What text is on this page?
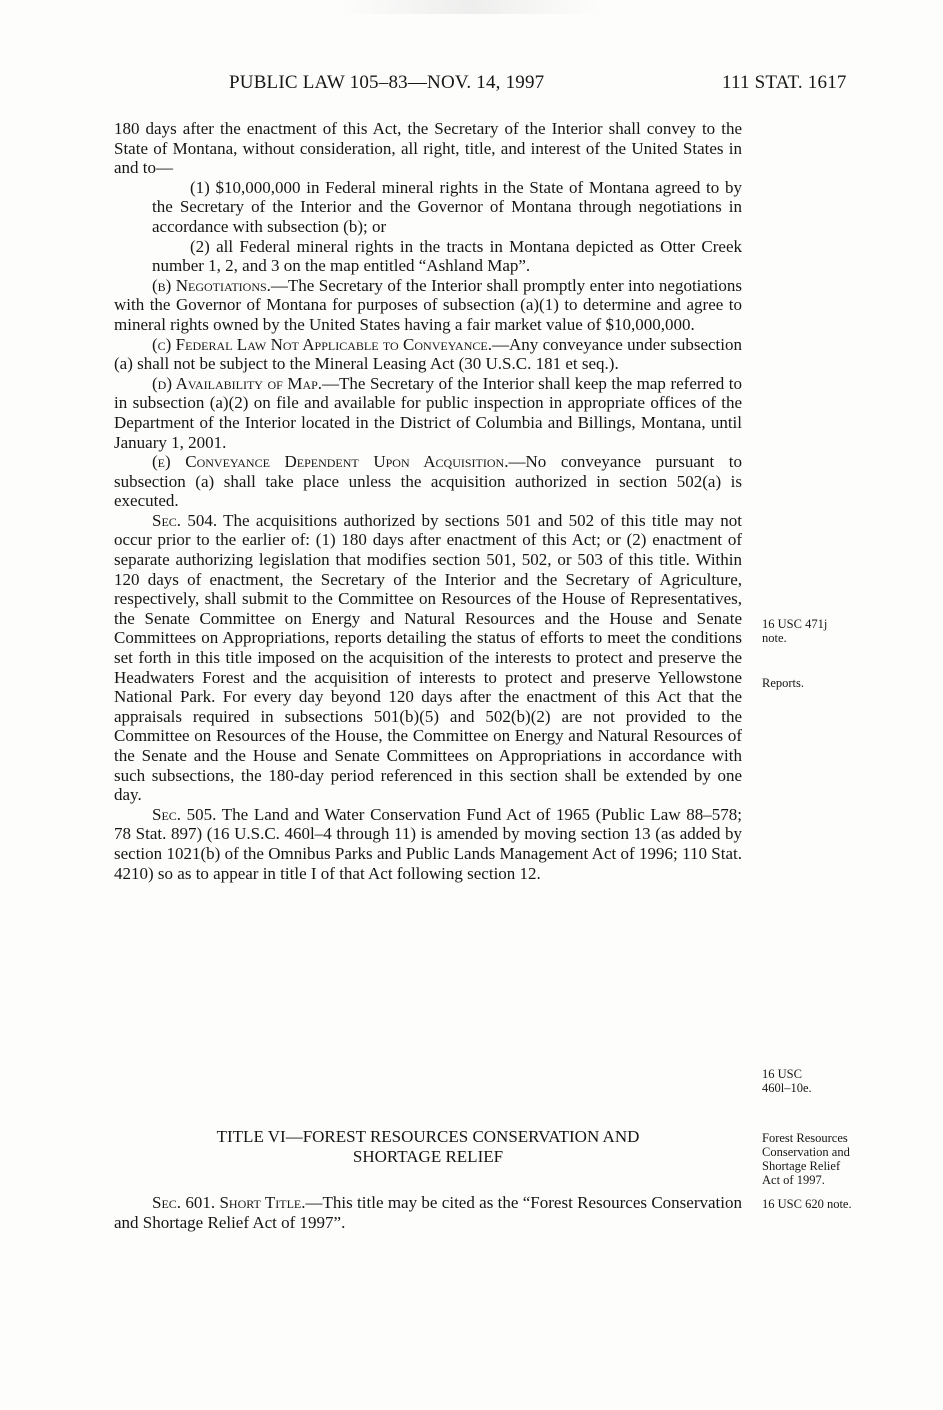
PUBLIC LAW 105–83—NOV. 14, 1997	111 STAT. 1617

180 days after the enactment of this Act, the Secretary of the Interior shall convey to the State of Montana, without consideration, all right, title, and interest of the United States in and to—

(1) $10,000,000 in Federal mineral rights in the State of Montana agreed to by the Secretary of the Interior and the Governor of Montana through negotiations in accordance with subsection (b); or

(2) all Federal mineral rights in the tracts in Montana depicted as Otter Creek number 1, 2, and 3 on the map entitled “Ashland Map”.

(b) Negotiations.—The Secretary of the Interior shall promptly enter into negotiations with the Governor of Montana for purposes of subsection (a)(1) to determine and agree to mineral rights owned by the United States having a fair market value of $10,000,000.

(c) Federal Law Not Applicable to Conveyance.—Any conveyance under subsection (a) shall not be subject to the Mineral Leasing Act (30 U.S.C. 181 et seq.).

(d) Availability of Map.—The Secretary of the Interior shall keep the map referred to in subsection (a)(2) on file and available for public inspection in appropriate offices of the Department of the Interior located in the District of Columbia and Billings, Montana, until January 1, 2001.

(e) Conveyance Dependent Upon Acquisition.—No conveyance pursuant to subsection (a) shall take place unless the acquisition authorized in section 502(a) is executed.

Sec. 504. The acquisitions authorized by sections 501 and 502 of this title may not occur prior to the earlier of: (1) 180 days after enactment of this Act; or (2) enactment of separate authorizing legislation that modifies section 501, 502, or 503 of this title. Within 120 days of enactment, the Secretary of the Interior and the Secretary of Agriculture, respectively, shall submit to the Committee on Resources of the House of Representatives, the Senate Committee on Energy and Natural Resources and the House and Senate Committees on Appropriations, reports detailing the status of efforts to meet the conditions set forth in this title imposed on the acquisition of the interests to protect and preserve the Headwaters Forest and the acquisition of interests to protect and preserve Yellowstone National Park. For every day beyond 120 days after the enactment of this Act that the appraisals required in subsections 501(b)(5) and 502(b)(2) are not provided to the Committee on Resources of the House, the Committee on Energy and Natural Resources of the Senate and the House and Senate Committees on Appropriations in accordance with such subsections, the 180-day period referenced in this section shall be extended by one day.

Sec. 505. The Land and Water Conservation Fund Act of 1965 (Public Law 88–578; 78 Stat. 897) (16 U.S.C. 460l–4 through 11) is amended by moving section 13 (as added by section 1021(b) of the Omnibus Parks and Public Lands Management Act of 1996; 110 Stat. 4210) so as to appear in title I of that Act following section 12.

TITLE VI—FOREST RESOURCES CONSERVATION AND
SHORTAGE RELIEF

Sec. 601. Short Title.—This title may be cited as the “Forest Resources Conservation and Shortage Relief Act of 1997”.

16 USC 471j
note.
Reports.
16 USC
460l–10e.
Forest Resources
Conservation and
Shortage Relief
Act of 1997.
16 USC 620 note.
